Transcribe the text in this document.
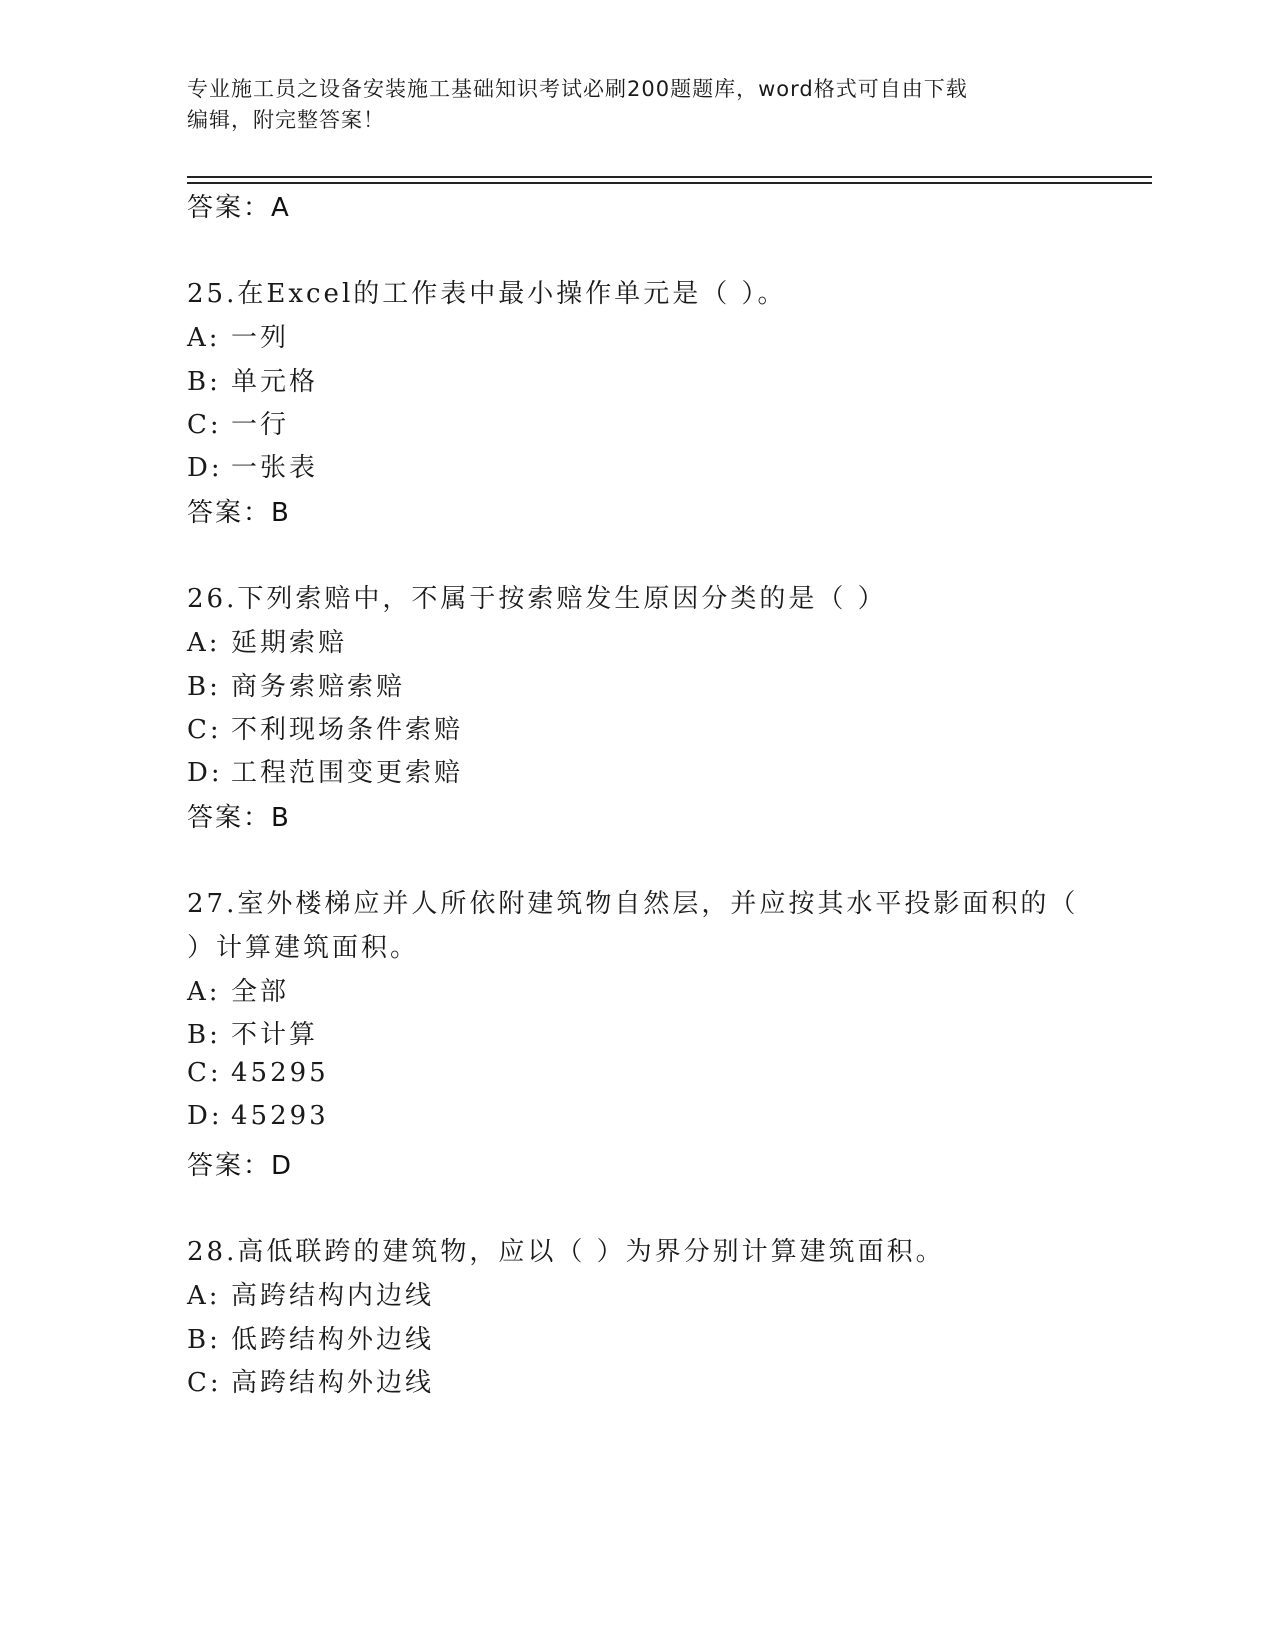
专业施工员之设备安装施工基础知识考试必刷200题题库，word格式可自由下载
编辑，附完整答案！
答案：A
25.在Excel的工作表中最小操作单元是（ ）。
A: 一列
B: 单元格
C: 一行
D: 一张表
答案：B
26.下列索赔中，不属于按索赔发生原因分类的是（ ）
A: 延期索赔
B: 商务索赔索赔
C: 不利现场条件索赔
D: 工程范围变更索赔
答案：B
27.室外楼梯应并人所依附建筑物自然层，并应按其水平投影面积的（
）计算建筑面积。
A: 全部
B: 不计算
C: 45295
D: 45293
答案：D
28.高低联跨的建筑物，应以（ ）为界分别计算建筑面积。
A: 高跨结构内边线
B: 低跨结构外边线
C: 高跨结构外边线
